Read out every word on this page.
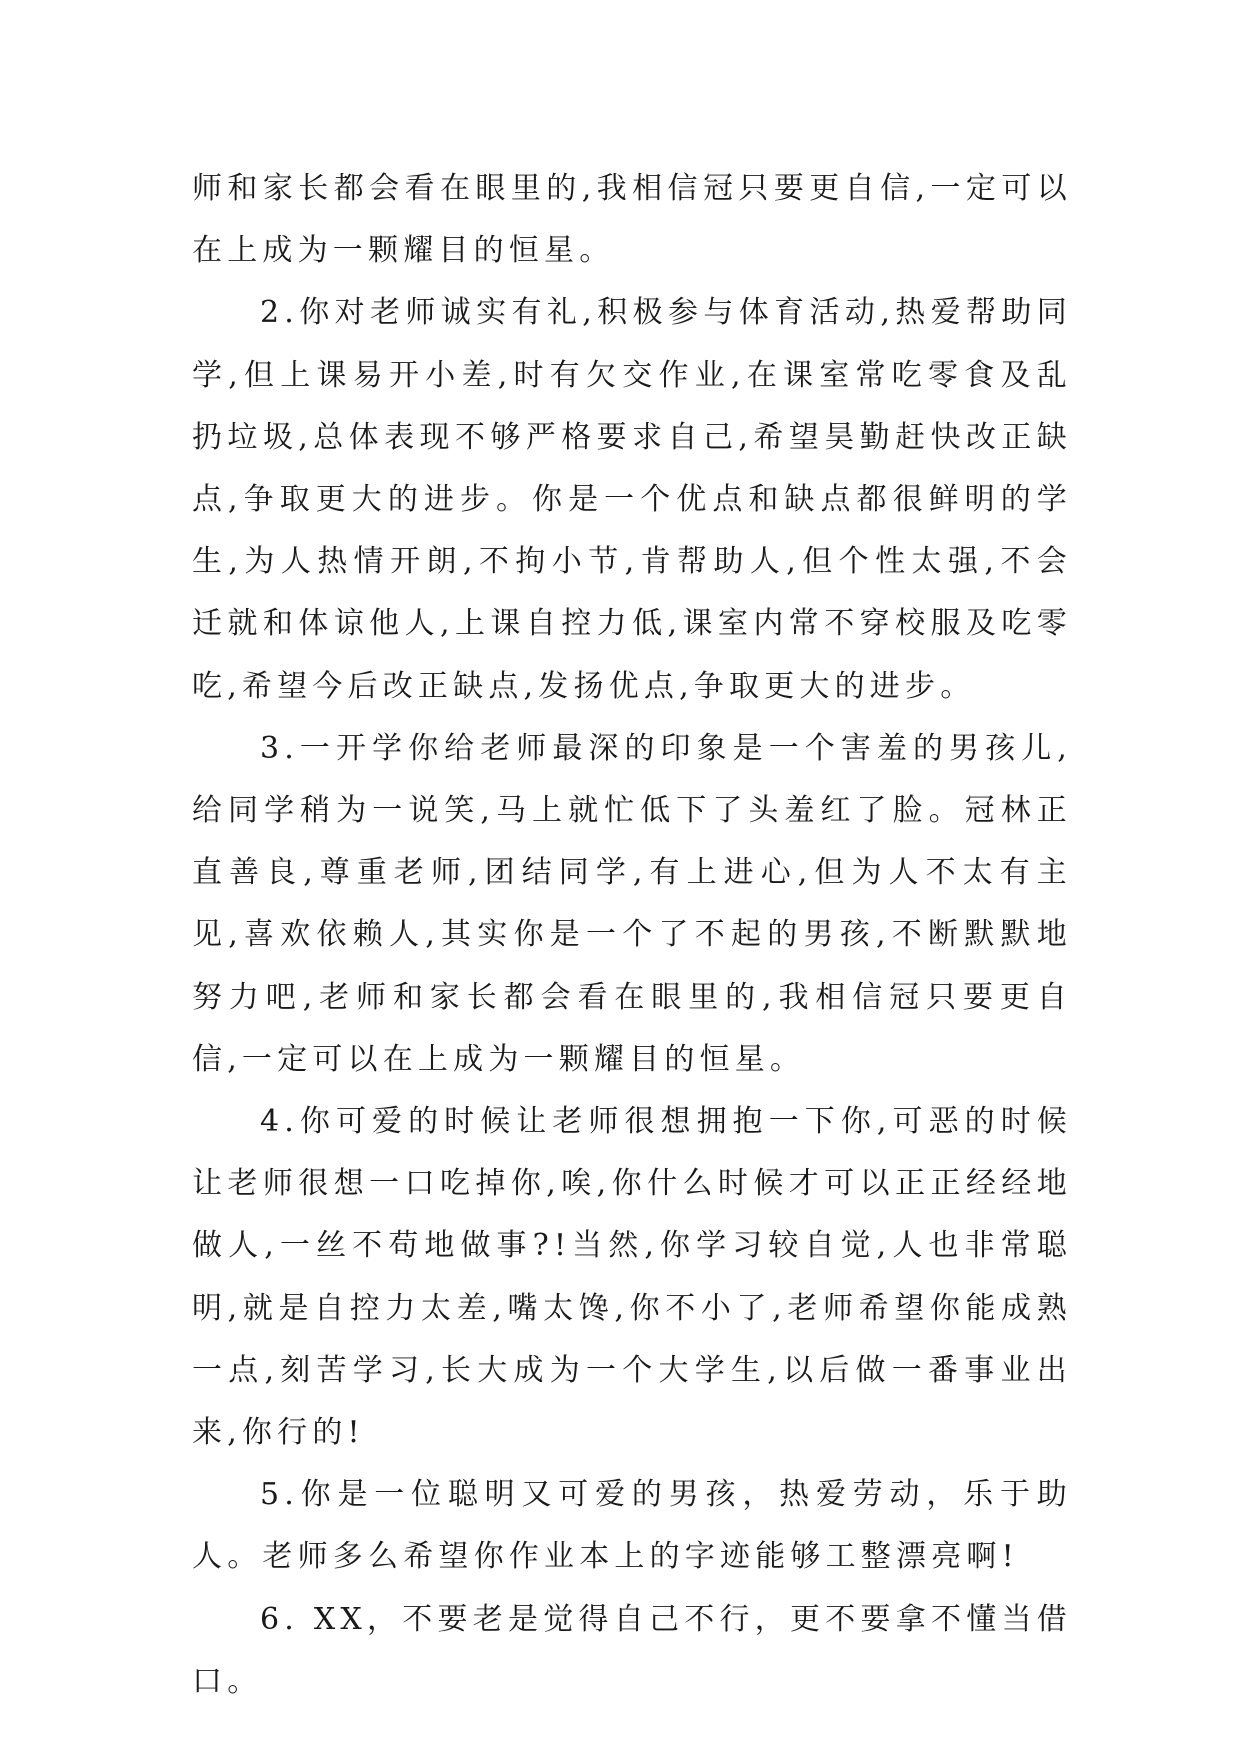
师和家长都会看在眼里的,我相信冠只要更自信,一定可以在上成为一颗耀目的恒星。

2.你对老师诚实有礼,积极参与体育活动,热爱帮助同学,但上课易开小差,时有欠交作业,在课室常吃零食及乱扔垃圾,总体表现不够严格要求自己,希望昊勤赶快改正缺点,争取更大的进步。你是一个优点和缺点都很鲜明的学生,为人热情开朗,不拘小节,肯帮助人,但个性太强,不会迁就和体谅他人,上课自控力低,课室内常不穿校服及吃零吃,希望今后改正缺点,发扬优点,争取更大的进步。

3.一开学你给老师最深的印象是一个害羞的男孩儿,给同学稍为一说笑,马上就忙低下了头羞红了脸。冠林正直善良,尊重老师,团结同学,有上进心,但为人不太有主见,喜欢依赖人,其实你是一个了不起的男孩,不断默默地努力吧,老师和家长都会看在眼里的,我相信冠只要更自信,一定可以在上成为一颗耀目的恒星。

4.你可爱的时候让老师很想拥抱一下你,可恶的时候让老师很想一口吃掉你,唉,你什么时候才可以正正经经地做人,一丝不苟地做事?!当然,你学习较自觉,人也非常聪明,就是自控力太差,嘴太馋,你不小了,老师希望你能成熟一点,刻苦学习,长大成为一个大学生,以后做一番事业出来,你行的!

5.你是一位聪明又可爱的男孩，热爱劳动，乐于助人。老师多么希望你作业本上的字迹能够工整漂亮啊!

6. XX，不要老是觉得自己不行，更不要拿不懂当借口。
